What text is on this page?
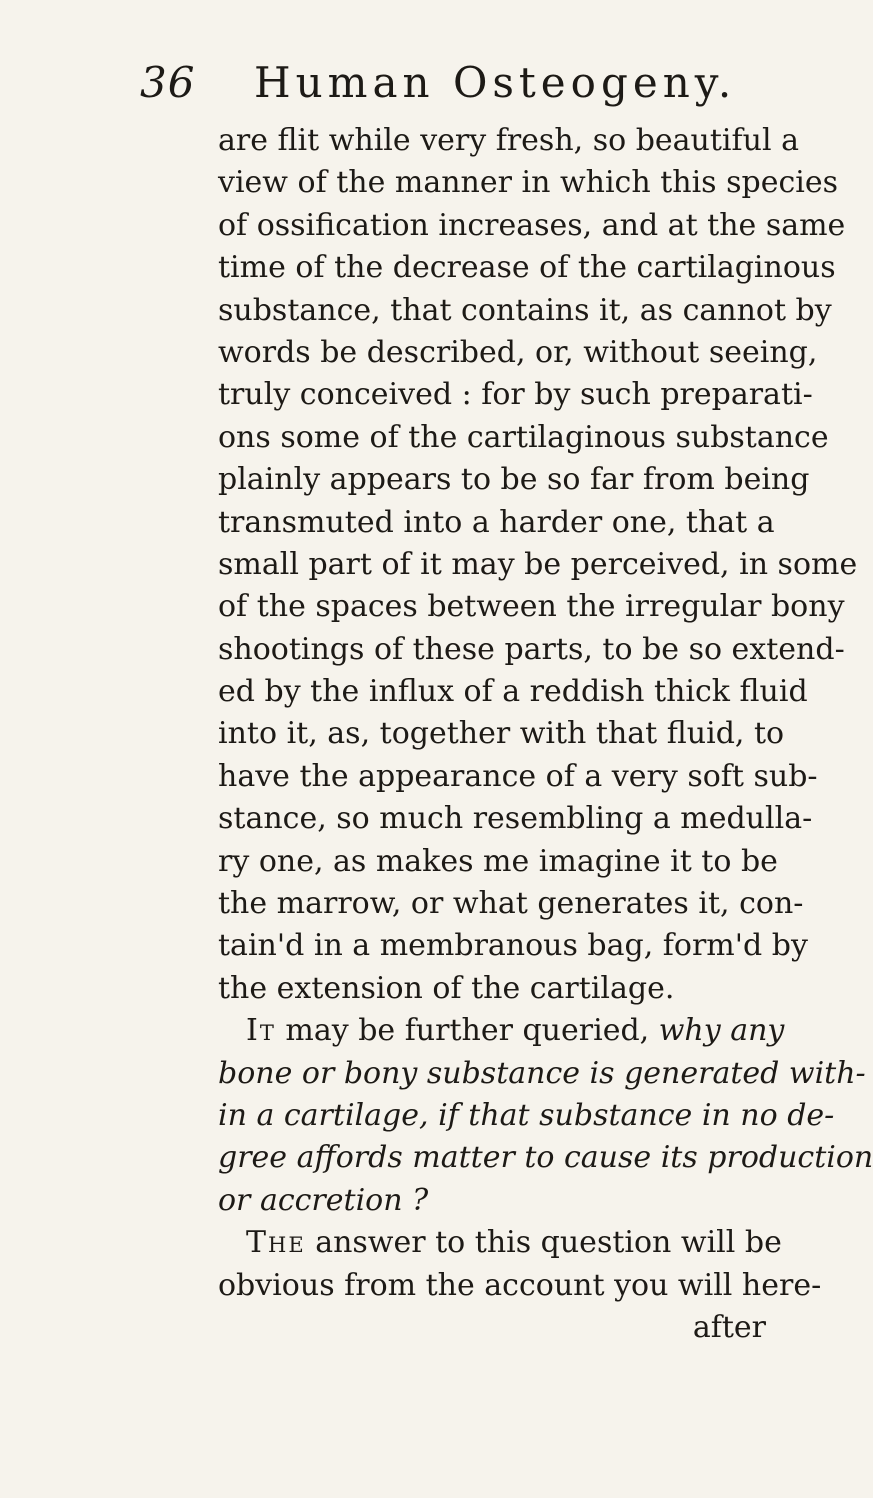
36 Human Osteogeny.
are flit while very fresh, so beautiful a
view of the manner in which this species
of ossification increases, and at the same
time of the decrease of the cartilaginous
substance, that contains it, as cannot by
words be described, or, without seeing,
truly conceived : for by such preparati-
ons some of the cartilaginous substance
plainly appears to be so far from being
transmuted into a harder one, that a
small part of it may be perceived, in some
of the spaces between the irregular bony
shootings of these parts, to be so extend-
ed by the influx of a reddish thick fluid
into it, as, together with that fluid, to
have the appearance of a very soft sub-
stance, so much resembling a medulla-
ry one, as makes me imagine it to be
the marrow, or what generates it, con-
tain'd in a membranous bag, form'd by
the extension of the cartilage.
It may be further queried, why any
bone or bony substance is generated with-
in a cartilage, if that substance in no de-
gree affords matter to cause its production
or accretion ?
The answer to this question will be
obvious from the account you will here-
after
